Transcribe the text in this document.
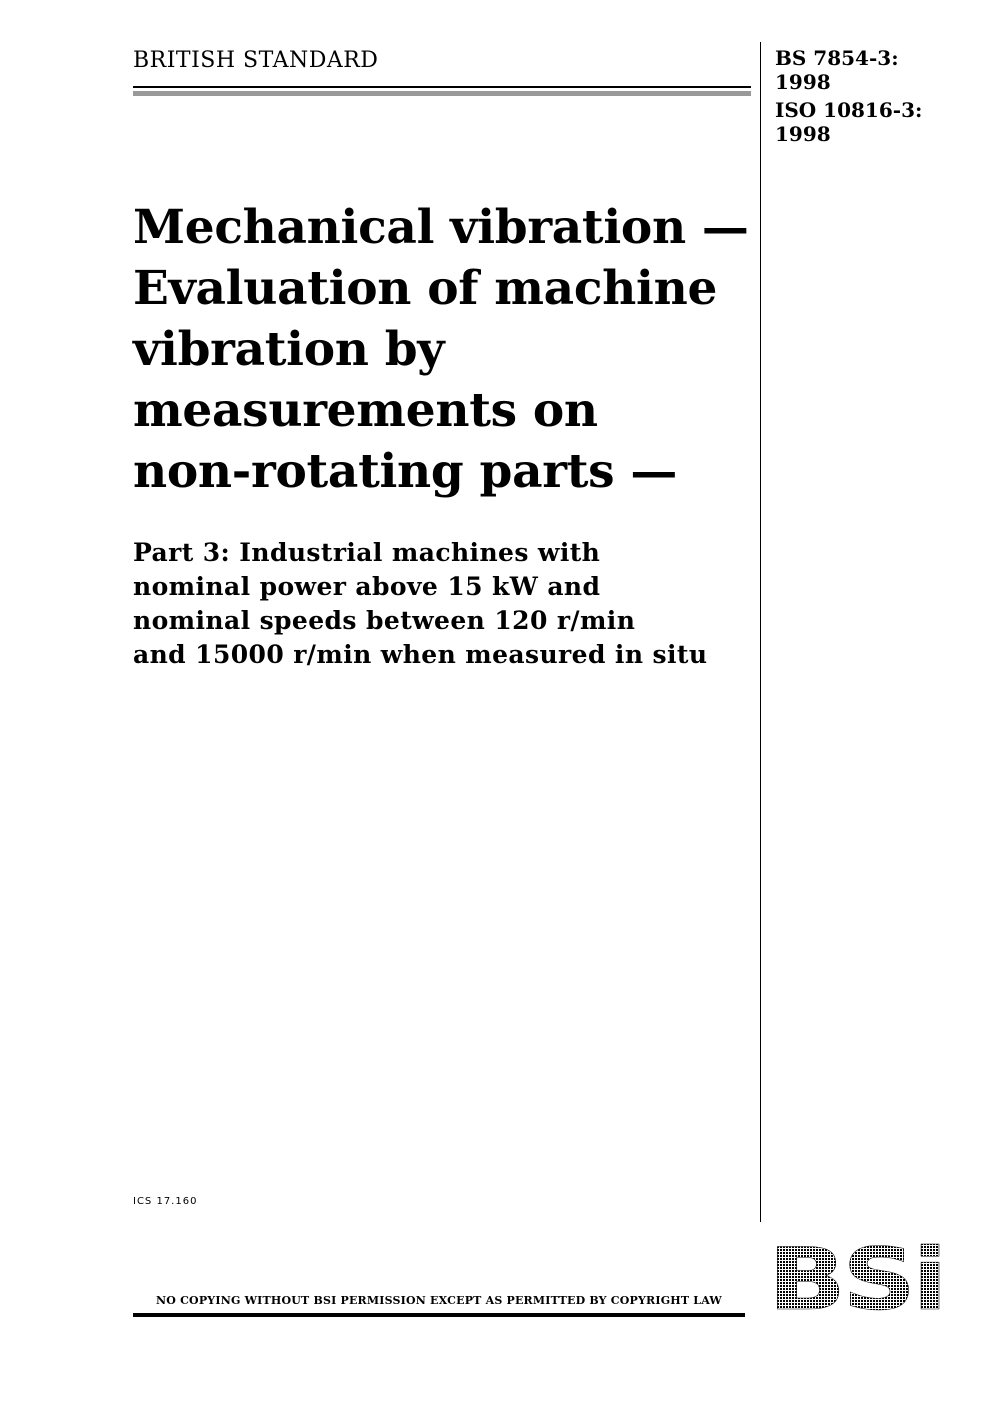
BRITISH STANDARD	BS 7854-3:
1998
ISO 10816-3:
1998
Mechanical vibration —
Evaluation of machine
vibration by
measurements on
non-rotating parts —
Part 3: Industrial machines with
nominal power above 15 kW and
nominal speeds between 120 r/min
and 15000 r/min when measured in situ
ICS 17.160
NO COPYING WITHOUT BSI PERMISSION EXCEPT AS PERMITTED BY COPYRIGHT LAW BSi
